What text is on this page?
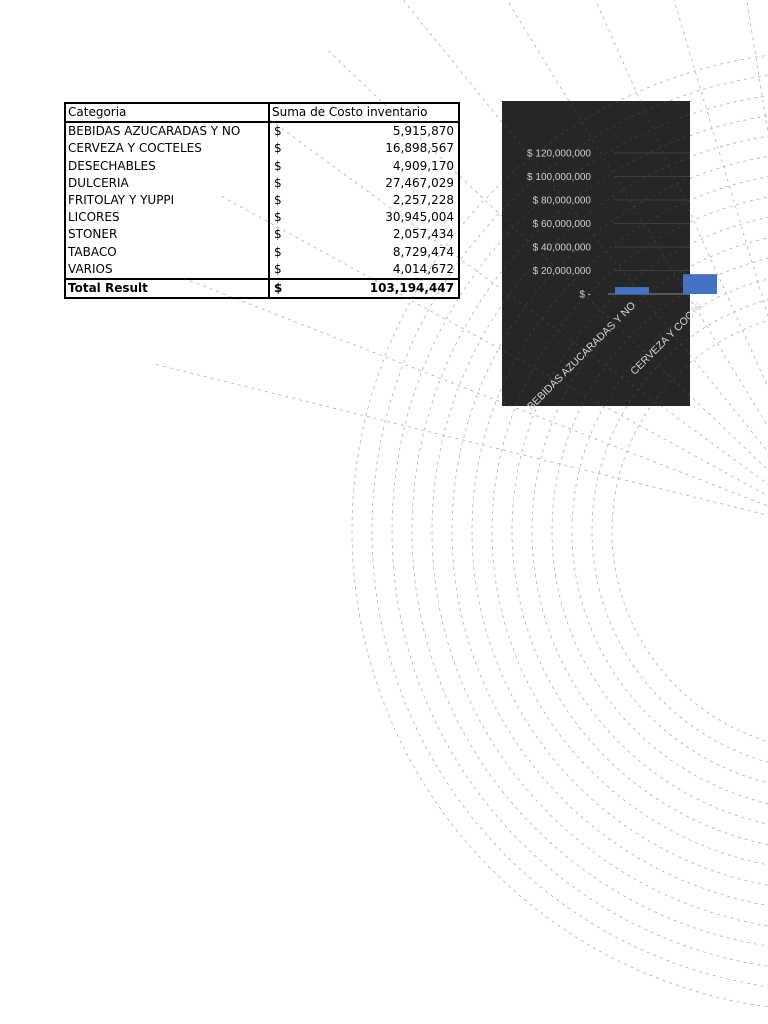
Categoria	Suma de Costo inventario	
BEBIDAS AZUCARADAS Y NO	$	5,915,870
CERVEZA Y COCTELES	$	16,898,567
DESECHABLES	$	4,909,170
DULCERIA	$	27,467,029
FRITOLAY Y YUPPI	$	2,257,228
LICORES	$	30,945,004
STONER	$	2,057,434
TABACO	$	8,729,474
VARIOS	$	4,014,672
Total Result	$	103,194,447
$ -
$ 20,000,000
$ 40,000,000
$ 60,000,000
$ 80,000,000
$ 100,000,000
$ 120,000,000
BEBIDAS AZUCARADAS Y NO
CERVEZA Y COCTE
